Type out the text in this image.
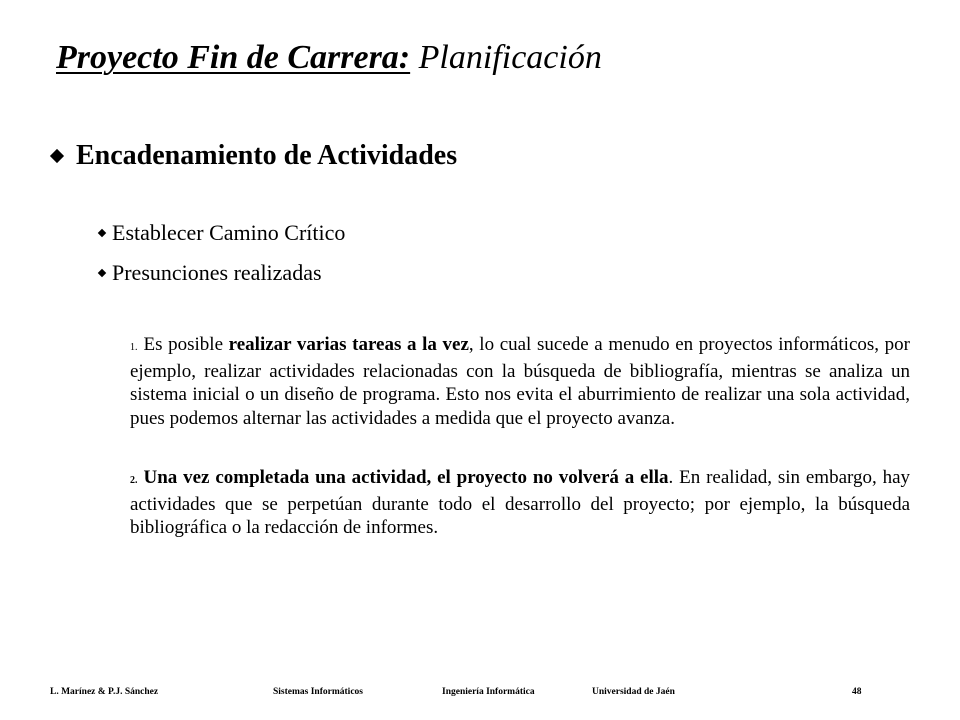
Proyecto Fin de Carrera: Planificación
Encadenamiento de Actividades
Establecer Camino Crítico
Presunciones realizadas
1. Es posible realizar varias tareas a la vez, lo cual sucede a menudo en proyectos informáticos, por ejemplo, realizar actividades relacionadas con la búsqueda de bibliografía, mientras se analiza un sistema inicial o un diseño de programa. Esto nos evita el aburrimiento de realizar una sola actividad, pues podemos alternar las actividades a medida que el proyecto avanza.
2. Una vez completada una actividad, el proyecto no volverá a ella. En realidad, sin embargo, hay actividades que se perpetúan durante todo el desarrollo del proyecto; por ejemplo, la búsqueda bibliográfica o la redacción de informes.
L. Marínez & P.J. Sánchez	Sistemas Informáticos	Ingeniería Informática	Universidad de Jaén	48
